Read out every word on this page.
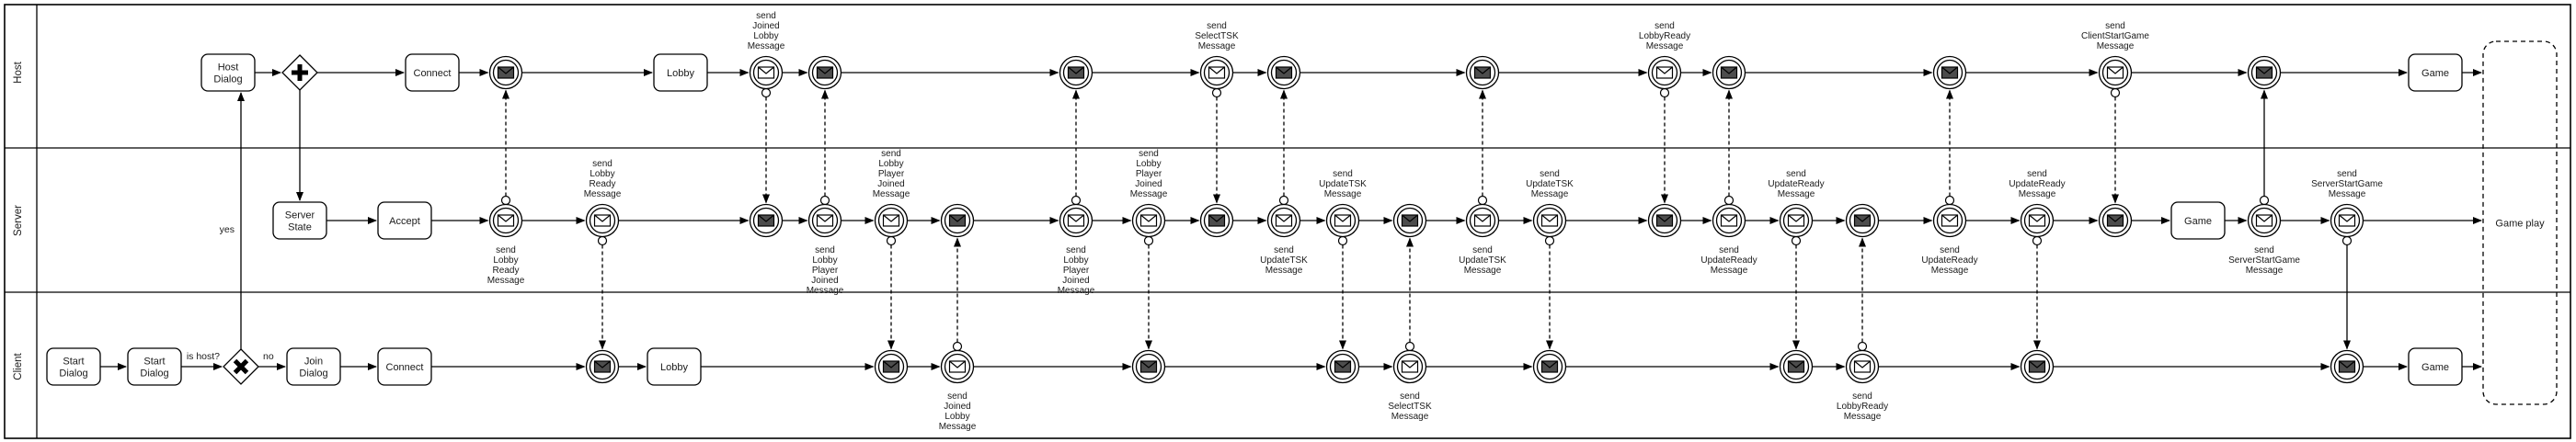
Host
Server
Client
yes
is host?	no
Host
Dialog
Connect	Lobby
send
Joined
Lobby
Message
send
SelectTSK
Message
send
LobbyReady
Message
send
ClientStartGame
Message
Game
Server
State
Accept
send
Lobby
Ready
Message
send
Lobby
Ready
Message
send
Lobby
Player
Joined
Message
send
Lobby
Player
Joined
Message
send
Lobby
Player
Joined
Message
send
Lobby
Player
Joined
Message
send
UpdateTSK
Message
send
UpdateTSK
Message
send
UpdateTSK
Message
send
UpdateTSK
Message
send
UpdateReady
Message
send
UpdateReady
Message
send
UpdateReady
Message
send
UpdateReady
Message
Game
send
ServerStartGame
Message
send
ServerStartGame
Message
Start
Dialog
Start
Dialog
Join
Dialog
Connect	Lobby
send
Joined
Lobby
Message
send
SelectTSK
Message
send
LobbyReady
Message
Game
Game play
